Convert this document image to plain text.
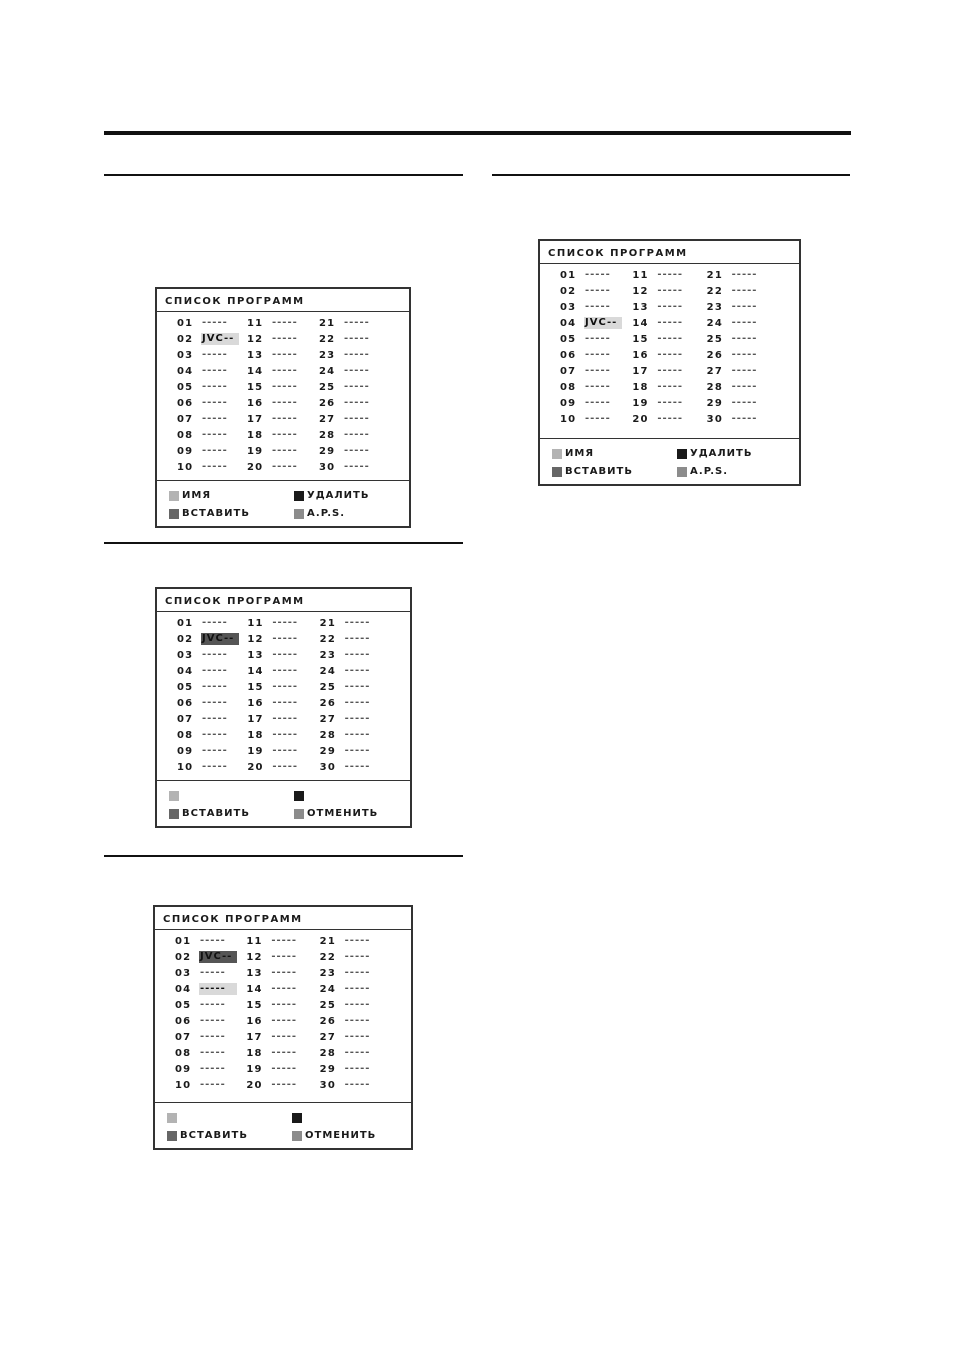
СПИСОК ПРОГРАММ
01 -----	11 -----	21 -----
02 JVC--	12 -----	22 -----
03 -----	13 -----	23 -----
04 -----	14 -----	24 -----
05 -----	15 -----	25 -----
06 -----	16 -----	26 -----
07 -----	17 -----	27 -----
08 -----	18 -----	28 -----
09 -----	19 -----	29 -----
10 -----	20 -----	30 -----
ИМЯ	УДАЛИТЬ
ВСТАВИТЬ	A.P.S.
СПИСОК ПРОГРАММ
01 -----	11 -----	21 -----
02 JVC--	12 -----	22 -----
03 -----	13 -----	23 -----
04 -----	14 -----	24 -----
05 -----	15 -----	25 -----
06 -----	16 -----	26 -----
07 -----	17 -----	27 -----
08 -----	18 -----	28 -----
09 -----	19 -----	29 -----
10 -----	20 -----	30 -----
ВСТАВИТЬ	ОТМЕНИТЬ
СПИСОК ПРОГРАММ
01 -----	11 -----	21 -----
02 JVC--	12 -----	22 -----
03 -----	13 -----	23 -----
04 -----	14 -----	24 -----
05 -----	15 -----	25 -----
06 -----	16 -----	26 -----
07 -----	17 -----	27 -----
08 -----	18 -----	28 -----
09 -----	19 -----	29 -----
10 -----	20 -----	30 -----
ВСТАВИТЬ	ОТМЕНИТЬ
СПИСОК ПРОГРАММ
01 -----	11 -----	21 -----
02 -----	12 -----	22 -----
03 -----	13 -----	23 -----
04 JVC--	14 -----	24 -----
05 -----	15 -----	25 -----
06 -----	16 -----	26 -----
07 -----	17 -----	27 -----
08 -----	18 -----	28 -----
09 -----	19 -----	29 -----
10 -----	20 -----	30 -----
ИМЯ	УДАЛИТЬ
ВСТАВИТЬ	A.P.S.
